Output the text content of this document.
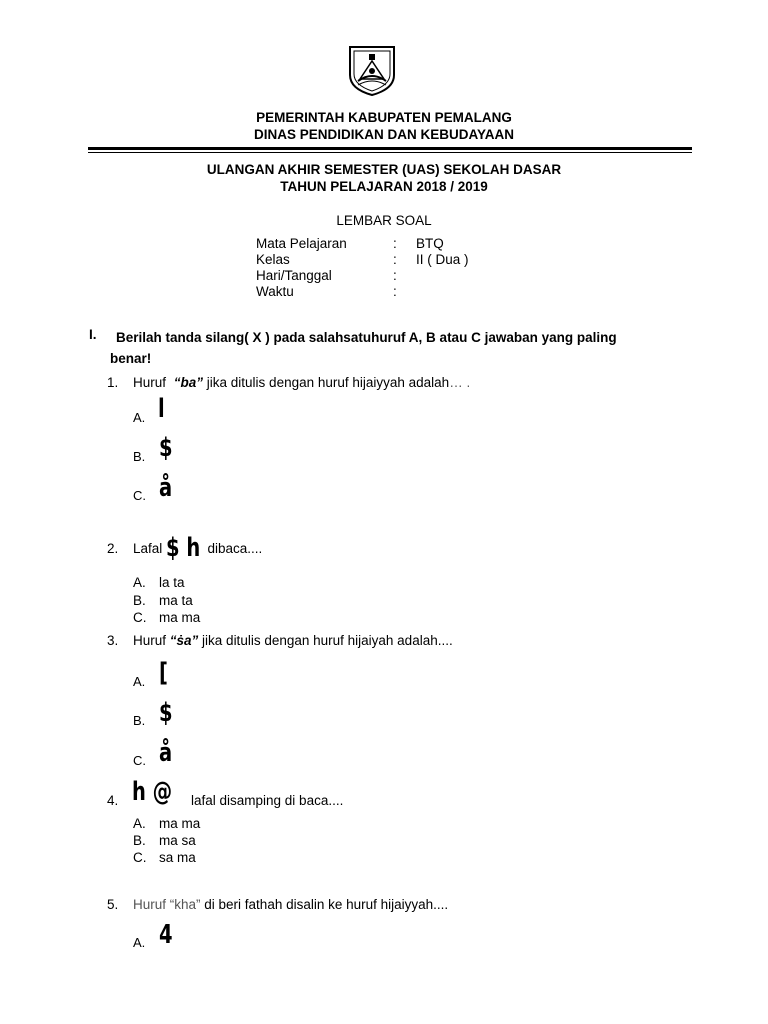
PEMERINTAH KABUPATEN PEMALANG
DINAS PENDIDIKAN DAN KEBUDAYAAN
ULANGAN AKHIR SEMESTER (UAS) SEKOLAH DASAR
TAHUN PELAJARAN 2018 / 2019
LEMBAR SOAL
Mata Pelajaran	: BTQ
Kelas	: II ( Dua )
Hari/Tanggal	:
Waktu	:
I. Berilah tanda silang( X ) pada salahsatuhuruf A, B atau C jawaban yang paling
benar!
1. Huruf “ba” jika ditulis dengan huruf hijaiyyah adalah… .
A. l
B. $
C. å
2. Lafal $ h dibaca....
A. la ta
B. ma ta
C. ma ma
3. Huruf “ṡa” jika ditulis dengan huruf hijaiyah adalah....
A. [
B. $
C. å
4. h @ lafal disamping di baca....
A. ma ma
B. ma sa
C. sa ma
5. Huruf “kha” di beri fathah disalin ke huruf hijaiyyah....
A. 4
